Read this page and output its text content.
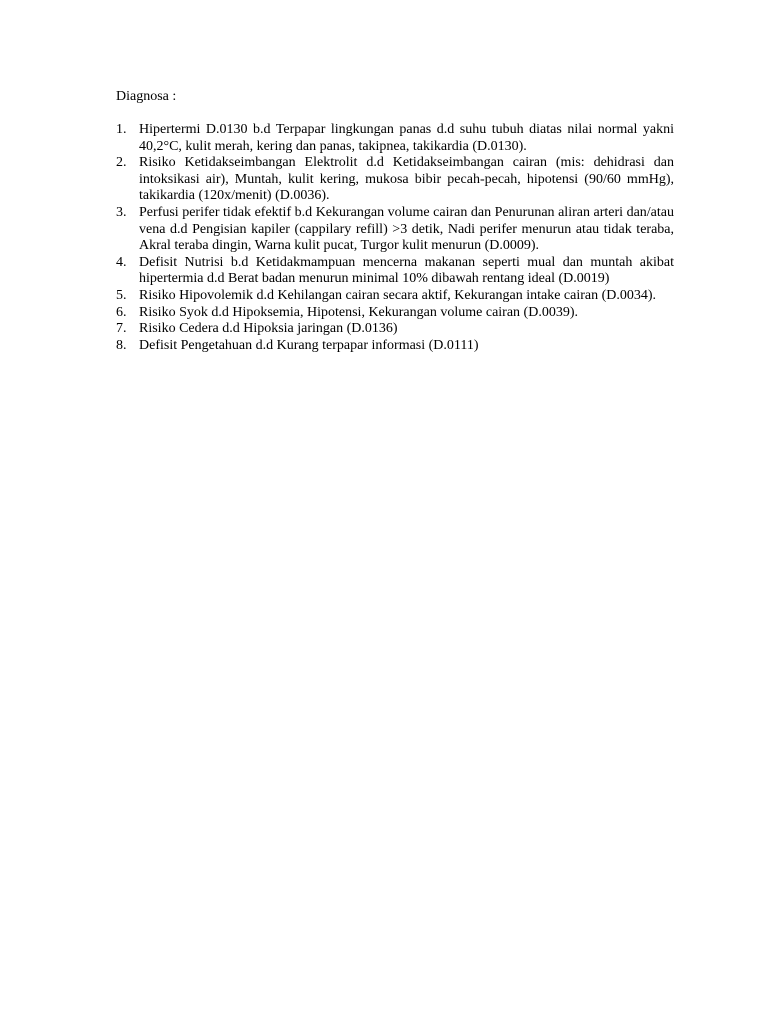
Diagnosa :

1. Hipertermi D.0130 b.d Terpapar lingkungan panas d.d suhu tubuh diatas nilai normal yakni 40,2°C, kulit merah, kering dan panas, takipnea, takikardia (D.0130).
2. Risiko Ketidakseimbangan Elektrolit d.d Ketidakseimbangan cairan (mis: dehidrasi dan intoksikasi air), Muntah, kulit kering, mukosa bibir pecah-pecah, hipotensi (90/60 mmHg), takikardia (120x/menit) (D.0036).
3. Perfusi perifer tidak efektif b.d Kekurangan volume cairan dan Penurunan aliran arteri dan/atau vena d.d Pengisian kapiler (cappilary refill) >3 detik, Nadi perifer menurun atau tidak teraba, Akral teraba dingin, Warna kulit pucat, Turgor kulit menurun (D.0009).
4. Defisit Nutrisi b.d Ketidakmampuan mencerna makanan seperti mual dan muntah akibat hipertermia d.d Berat badan menurun minimal 10% dibawah rentang ideal (D.0019)
5. Risiko Hipovolemik d.d Kehilangan cairan secara aktif, Kekurangan intake cairan (D.0034).
6. Risiko Syok d.d Hipoksemia, Hipotensi, Kekurangan volume cairan (D.0039).
7. Risiko Cedera d.d Hipoksia jaringan (D.0136)
8. Defisit Pengetahuan d.d Kurang terpapar informasi (D.0111)
